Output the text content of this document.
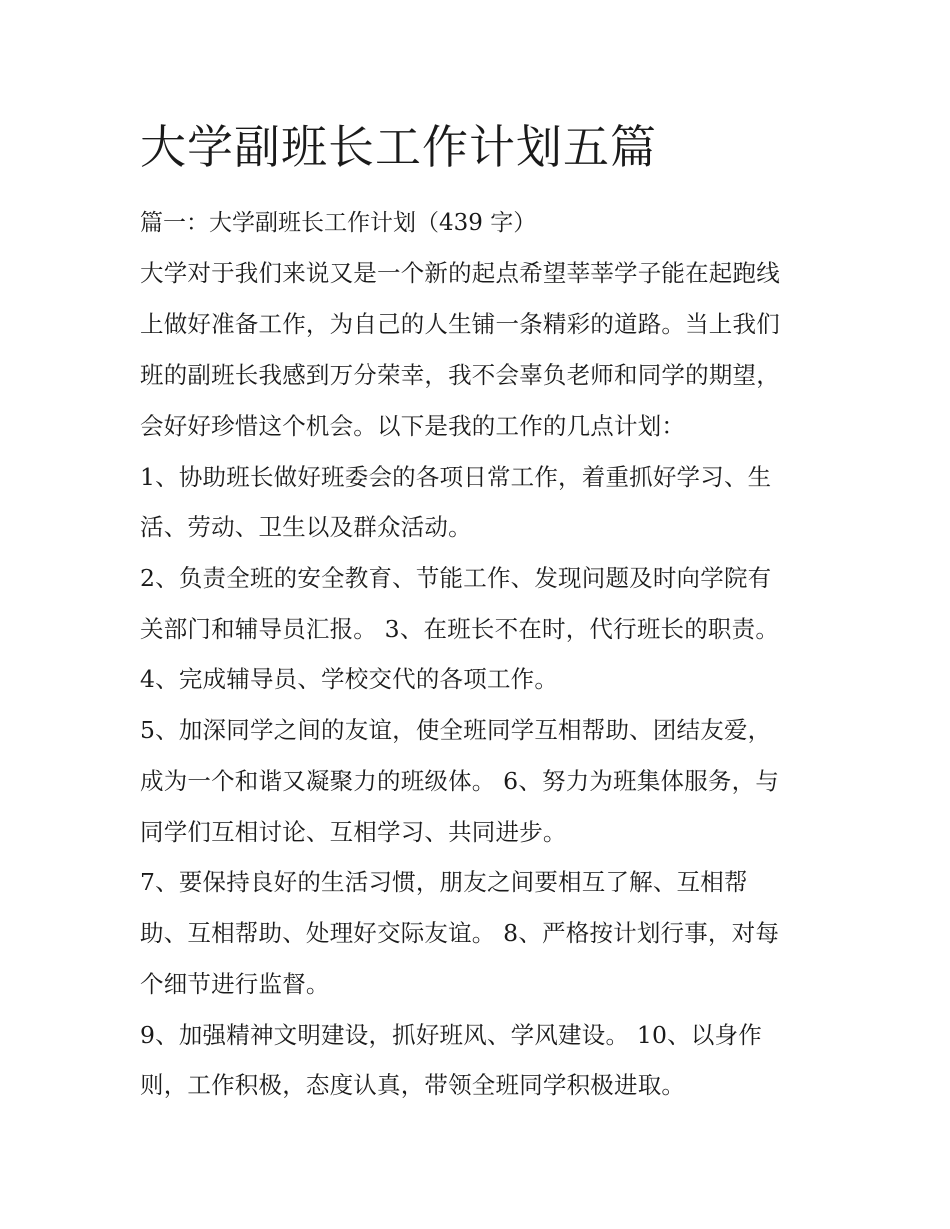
大学副班长工作计划五篇
篇一：大学副班长工作计划（439 字）

大学对于我们来说又是一个新的起点希望莘莘学子能在起跑线

上做好准备工作，为自己的人生铺一条精彩的道路。当上我们

班的副班长我感到万分荣幸，我不会辜负老师和同学的期望，

会好好珍惜这个机会。以下是我的工作的几点计划：

1、协助班长做好班委会的各项日常工作，着重抓好学习、生

活、劳动、卫生以及群众活动。

2、负责全班的安全教育、节能工作、发现问题及时向学院有

关部门和辅导员汇报。 3、在班长不在时，代行班长的职责。

4、完成辅导员、学校交代的各项工作。

5、加深同学之间的友谊，使全班同学互相帮助、团结友爱，

成为一个和谐又凝聚力的班级体。 6、努力为班集体服务，与

同学们互相讨论、互相学习、共同进步。

7、要保持良好的生活习惯，朋友之间要相互了解、互相帮

助、互相帮助、处理好交际友谊。 8、严格按计划行事，对每

个细节进行监督。

9、加强精神文明建设，抓好班风、学风建设。 10、以身作

则，工作积极，态度认真，带领全班同学积极进取。
